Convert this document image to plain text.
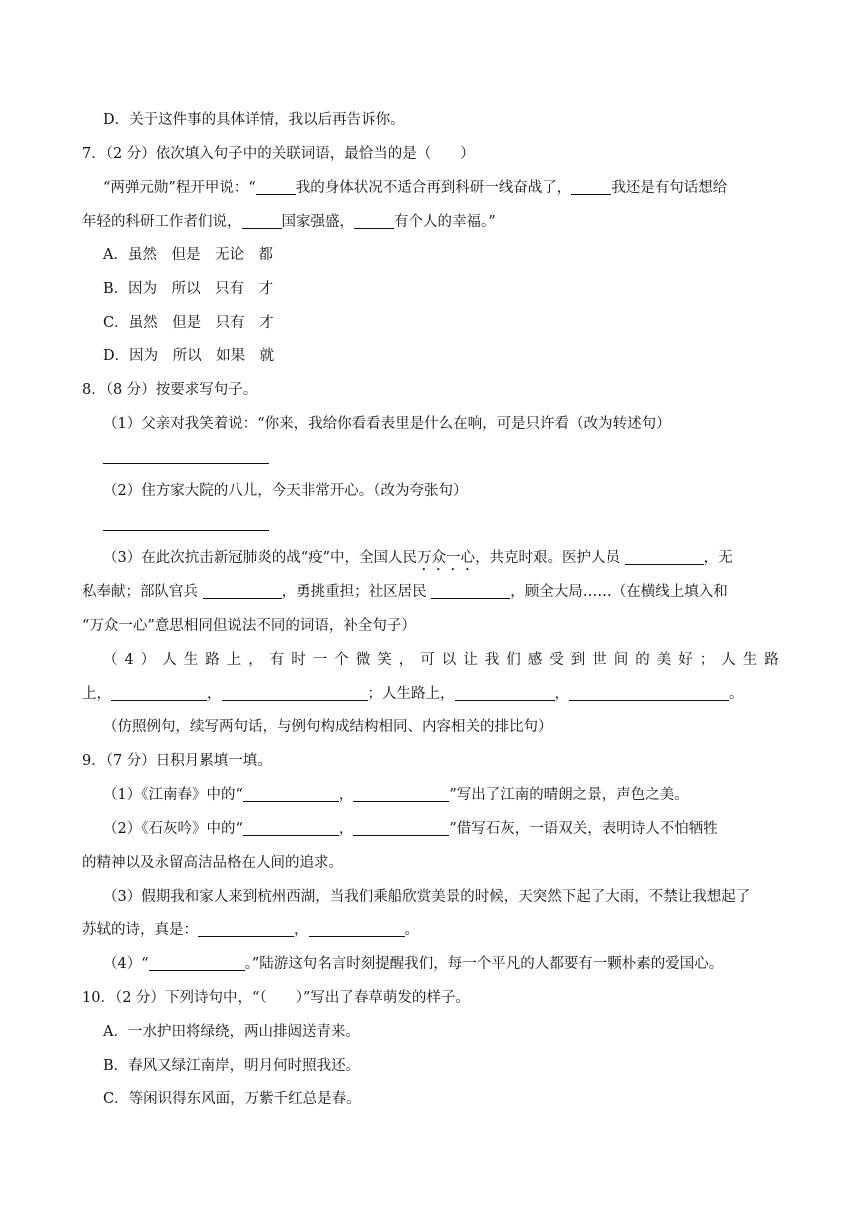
D．关于这件事的具体详情，我以后再告诉你。
7．（2 分）依次填入句子中的关联词语，最恰当的是（　　）
“两弹元勋”程开甲说：“	我的身体状况不适合再到科研一线奋战了，	我还是有句话想给
年轻的科研工作者们说，	国家强盛，	有个人的幸福。”
A．虽然　但是　无论　都
B．因为　所以　只有　才
C．虽然　但是　只有　才
D．因为　所以　如果　就
8．（8 分）按要求写句子。
（1）父亲对我笑着说：“你来，我给你看看表里是什么在响，可是只许看（改为转述句）
（2）住方家大院的八儿，今天非常开心。（改为夸张句）
（3）在此次抗击新冠肺炎的战“疫”中，全国人民万众一心，共克时艰。医护人员	，无
私奉献；部队官兵	，勇挑重担；社区居民	，顾全大局……（在横线上填入和
“万众一心”意思相同但说法不同的词语，补全句子）
（ 4 ） 人 生 路 上 ， 有 时 一 个 微 笑 ， 可 以 让 我 们 感 受 到 世 间 的 美 好 ； 人 生 路
上，	，	；人生路上，	，	。
（仿照例句，续写两句话，与例句构成结构相同、内容相关的排比句）
9．（7 分）日积月累填一填。
（1）《江南春》中的“	，	”写出了江南的晴朗之景，声色之美。
（2）《石灰吟》中的“	，	”借写石灰，一语双关，表明诗人不怕牺牲
的精神以及永留高洁品格在人间的追求。
（3）假期我和家人来到杭州西湖，当我们乘船欣赏美景的时候，天突然下起了大雨，不禁让我想起了
苏轼的诗，真是：	，	。
（4）“	。”陆游这句名言时刻提醒我们，每一个平凡的人都要有一颗朴素的爱国心。
10．（2 分）下列诗句中，“（　　）”写出了春草萌发的样子。
A．一水护田将绿绕，两山排闼送青来。
B．春风又绿江南岸，明月何时照我还。
C．等闲识得东风面，万紫千红总是春。
